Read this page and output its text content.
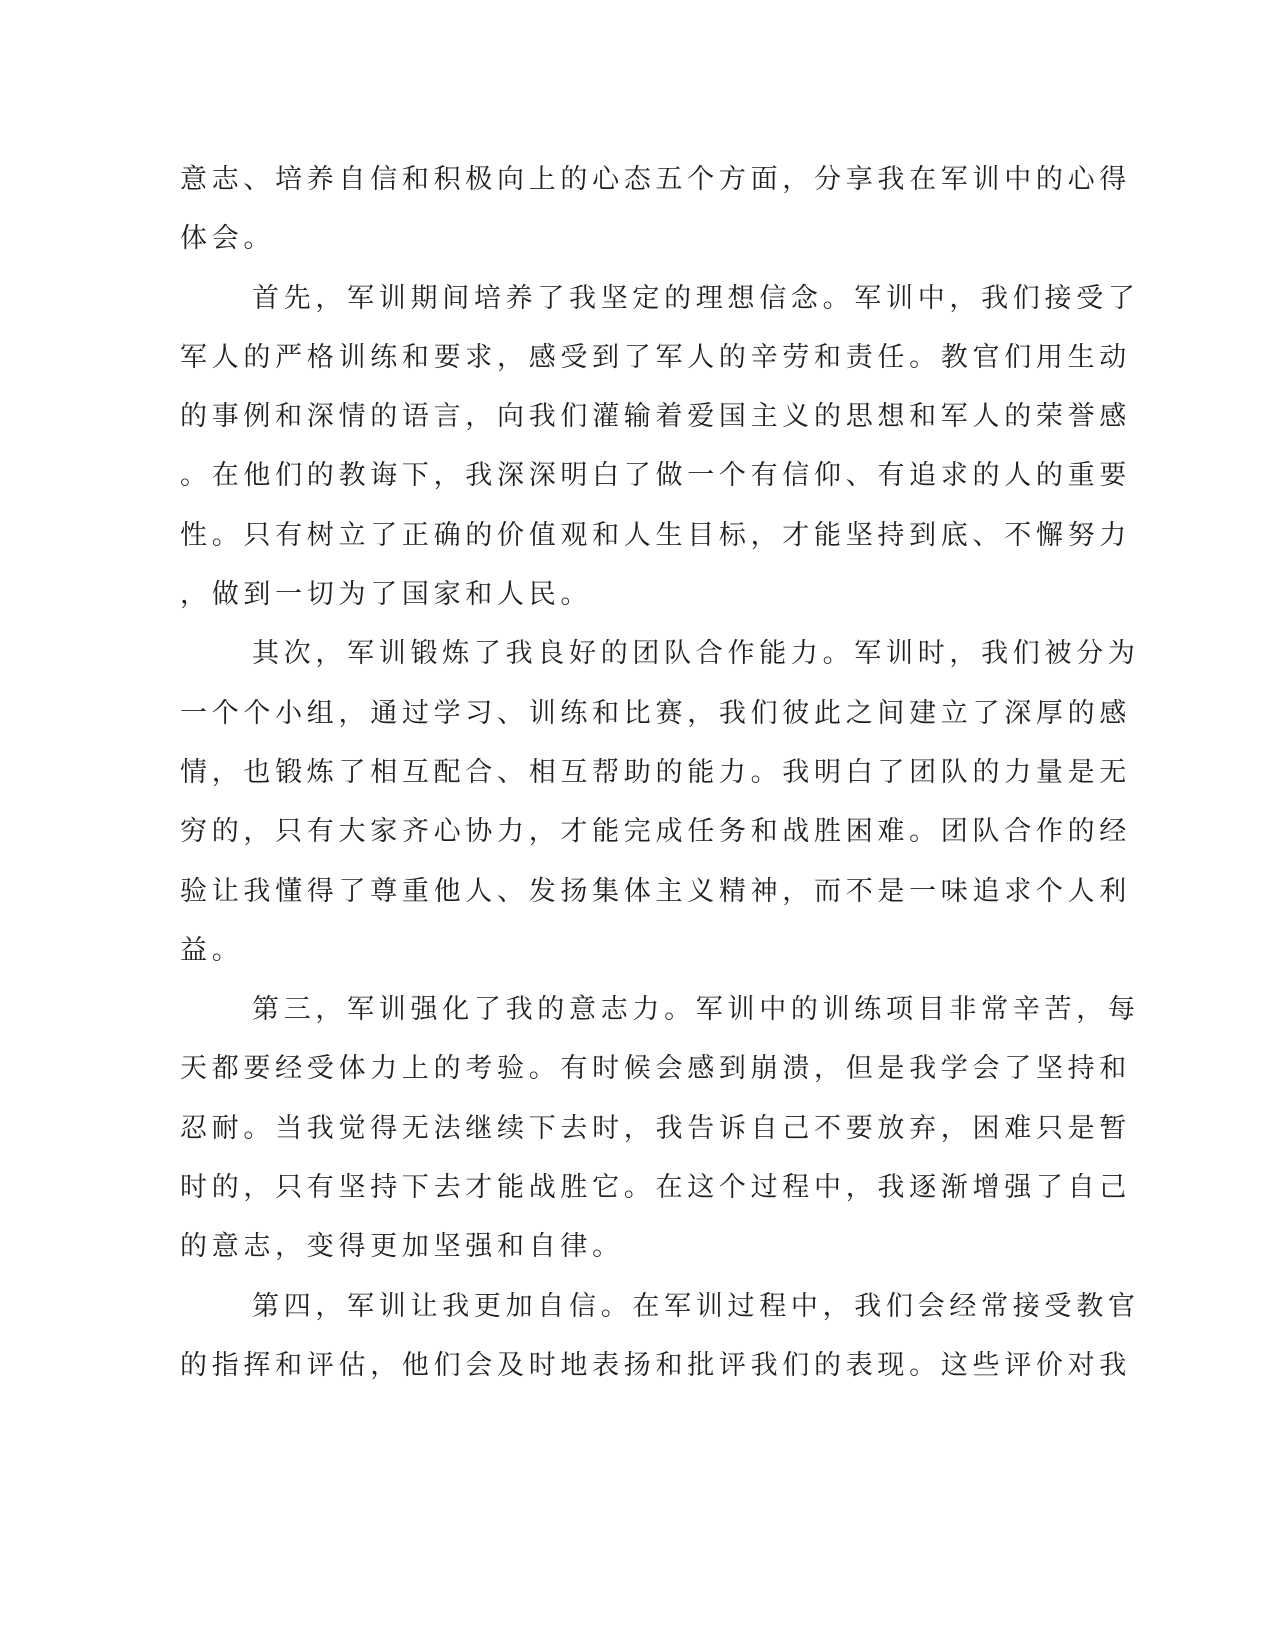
意志、培养自信和积极向上的心态五个方面，分享我在军训中的心得
体会。
首先，军训期间培养了我坚定的理想信念。军训中，我们接受了
军人的严格训练和要求，感受到了军人的辛劳和责任。教官们用生动
的事例和深情的语言，向我们灌输着爱国主义的思想和军人的荣誉感
。在他们的教诲下，我深深明白了做一个有信仰、有追求的人的重要
性。只有树立了正确的价值观和人生目标，才能坚持到底、不懈努力
，做到一切为了国家和人民。
其次，军训锻炼了我良好的团队合作能力。军训时，我们被分为
一个个小组，通过学习、训练和比赛，我们彼此之间建立了深厚的感
情，也锻炼了相互配合、相互帮助的能力。我明白了团队的力量是无
穷的，只有大家齐心协力，才能完成任务和战胜困难。团队合作的经
验让我懂得了尊重他人、发扬集体主义精神，而不是一味追求个人利
益。
第三，军训强化了我的意志力。军训中的训练项目非常辛苦，每
天都要经受体力上的考验。有时候会感到崩溃，但是我学会了坚持和
忍耐。当我觉得无法继续下去时，我告诉自己不要放弃，困难只是暂
时的，只有坚持下去才能战胜它。在这个过程中，我逐渐增强了自己
的意志，变得更加坚强和自律。
第四，军训让我更加自信。在军训过程中，我们会经常接受教官
的指挥和评估，他们会及时地表扬和批评我们的表现。这些评价对我
